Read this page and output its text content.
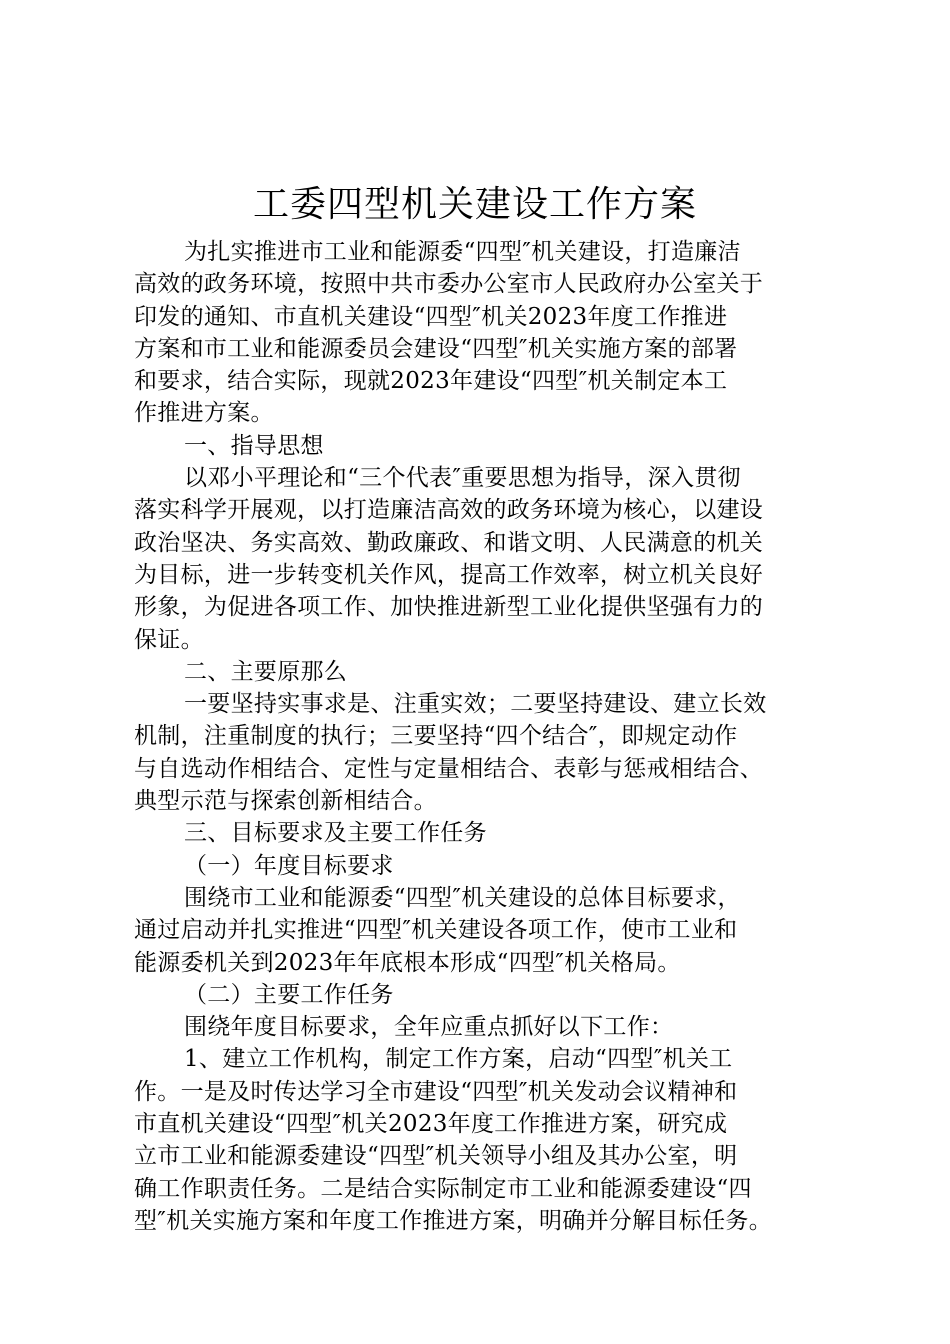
工委四型机关建设工作方案
为扎实推进市工业和能源委“四型″机关建设，打造廉洁
高效的政务环境，按照中共市委办公室市人民政府办公室关于
印发的通知、市直机关建设“四型″机关2023年度工作推进
方案和市工业和能源委员会建设“四型″机关实施方案的部署
和要求，结合实际，现就2023年建设“四型″机关制定本工
作推进方案。
一、指导思想
以邓小平理论和“三个代表″重要思想为指导，深入贯彻
落实科学开展观，以打造廉洁高效的政务环境为核心，以建设
政治坚决、务实高效、勤政廉政、和谐文明、人民满意的机关
为目标，进一步转变机关作风，提高工作效率，树立机关良好
形象，为促进各项工作、加快推进新型工业化提供坚强有力的
保证。
二、主要原那么
一要坚持实事求是、注重实效；二要坚持建设、建立长效
机制，注重制度的执行；三要坚持“四个结合″，即规定动作
与自选动作相结合、定性与定量相结合、表彰与惩戒相结合、
典型示范与探索创新相结合。
三、目标要求及主要工作任务
（一）年度目标要求
围绕市工业和能源委“四型″机关建设的总体目标要求，
通过启动并扎实推进“四型″机关建设各项工作，使市工业和
能源委机关到2023年年底根本形成“四型″机关格局。
（二）主要工作任务
围绕年度目标要求，全年应重点抓好以下工作：
1、建立工作机构，制定工作方案，启动“四型″机关工
作。一是及时传达学习全市建设“四型″机关发动会议精神和
市直机关建设“四型″机关2023年度工作推进方案，研究成
立市工业和能源委建设“四型″机关领导小组及其办公室，明
确工作职责任务。二是结合实际制定市工业和能源委建设“四
型″机关实施方案和年度工作推进方案，明确并分解目标任务。
